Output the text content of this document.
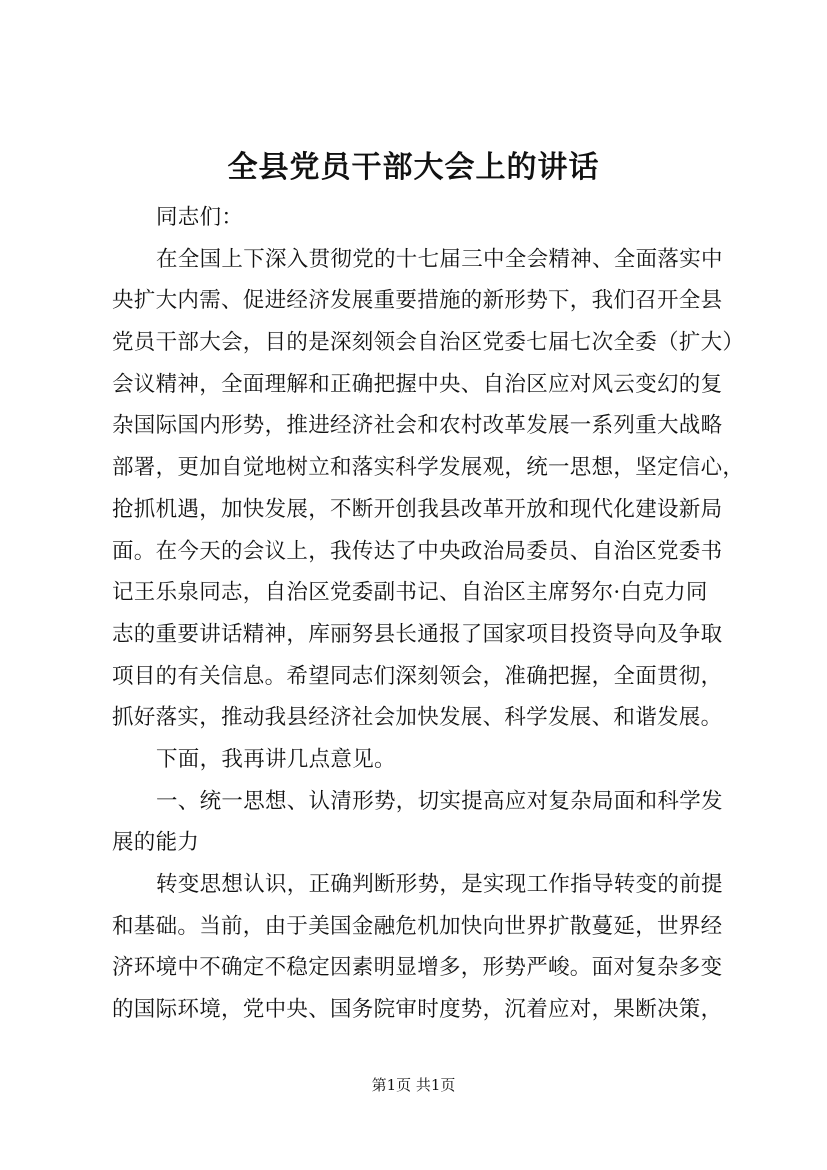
全县党员干部大会上的讲话
同志们：
在全国上下深入贯彻党的十七届三中全会精神、全面落实中
央扩大内需、促进经济发展重要措施的新形势下，我们召开全县
党员干部大会，目的是深刻领会自治区党委七届七次全委（扩大）
会议精神，全面理解和正确把握中央、自治区应对风云变幻的复
杂国际国内形势，推进经济社会和农村改革发展一系列重大战略
部署，更加自觉地树立和落实科学发展观，统一思想，坚定信心，
抢抓机遇，加快发展，不断开创我县改革开放和现代化建设新局
面。在今天的会议上，我传达了中央政治局委员、自治区党委书
记王乐泉同志，自治区党委副书记、自治区主席努尔·白克力同
志的重要讲话精神，库丽努县长通报了国家项目投资导向及争取
项目的有关信息。希望同志们深刻领会，准确把握，全面贯彻，
抓好落实，推动我县经济社会加快发展、科学发展、和谐发展。
下面，我再讲几点意见。
一、统一思想、认清形势，切实提高应对复杂局面和科学发
展的能力
转变思想认识，正确判断形势，是实现工作指导转变的前提
和基础。当前，由于美国金融危机加快向世界扩散蔓延，世界经
济环境中不确定不稳定因素明显增多，形势严峻。面对复杂多变
的国际环境，党中央、国务院审时度势，沉着应对，果断决策，
第1页 共1页
